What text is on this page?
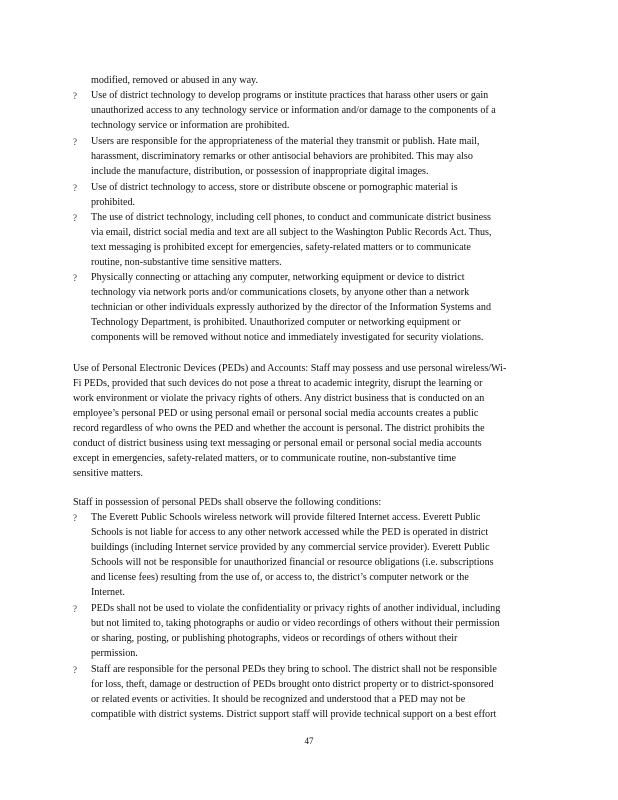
47
modified, removed or abused in any way.
? Use of district technology to develop programs or institute practices that harass other users or gain
unauthorized access to any technology service or information and/or damage to the components of a
technology service or information are prohibited.
? Users are responsible for the appropriateness of the material they transmit or publish. Hate mail,
harassment, discriminatory remarks or other antisocial behaviors are prohibited. This may also
include the manufacture, distribution, or possession of inappropriate digital images.
? Use of district technology to access, store or distribute obscene or pornographic material is
prohibited.
? The use of district technology, including cell phones, to conduct and communicate district business
via email, district social media and text are all subject to the Washington Public Records Act. Thus,
text messaging is prohibited except for emergencies, safety-related matters or to communicate
routine, non-substantive time sensitive matters.
? Physically connecting or attaching any computer, networking equipment or device to district
technology via network ports and/or communications closets, by anyone other than a network
technician or other individuals expressly authorized by the director of the Information Systems and
Technology Department, is prohibited. Unauthorized computer or networking equipment or
components will be removed without notice and immediately investigated for security violations.
Use of Personal Electronic Devices (PEDs) and Accounts: Staff may possess and use personal wireless/Wi-
Fi PEDs, provided that such devices do not pose a threat to academic integrity, disrupt the learning or
work environment or violate the privacy rights of others. Any district business that is conducted on an
employee’s personal PED or using personal email or personal social media accounts creates a public
record regardless of who owns the PED and whether the account is personal. The district prohibits the
conduct of district business using text messaging or personal email or personal social media accounts
except in emergencies, safety-related matters, or to communicate routine, non-substantive time
sensitive matters.
Staff in possession of personal PEDs shall observe the following conditions:
? The Everett Public Schools wireless network will provide filtered Internet access. Everett Public
Schools is not liable for access to any other network accessed while the PED is operated in district
buildings (including Internet service provided by any commercial service provider). Everett Public
Schools will not be responsible for unauthorized financial or resource obligations (i.e. subscriptions
and license fees) resulting from the use of, or access to, the district’s computer network or the
Internet.
? PEDs shall not be used to violate the confidentiality or privacy rights of another individual, including
but not limited to, taking photographs or audio or video recordings of others without their permission
or sharing, posting, or publishing photographs, videos or recordings of others without their
permission.
? Staff are responsible for the personal PEDs they bring to school. The district shall not be responsible
for loss, theft, damage or destruction of PEDs brought onto district property or to district-sponsored
or related events or activities. It should be recognized and understood that a PED may not be
compatible with district systems. District support staff will provide technical support on a best effort
